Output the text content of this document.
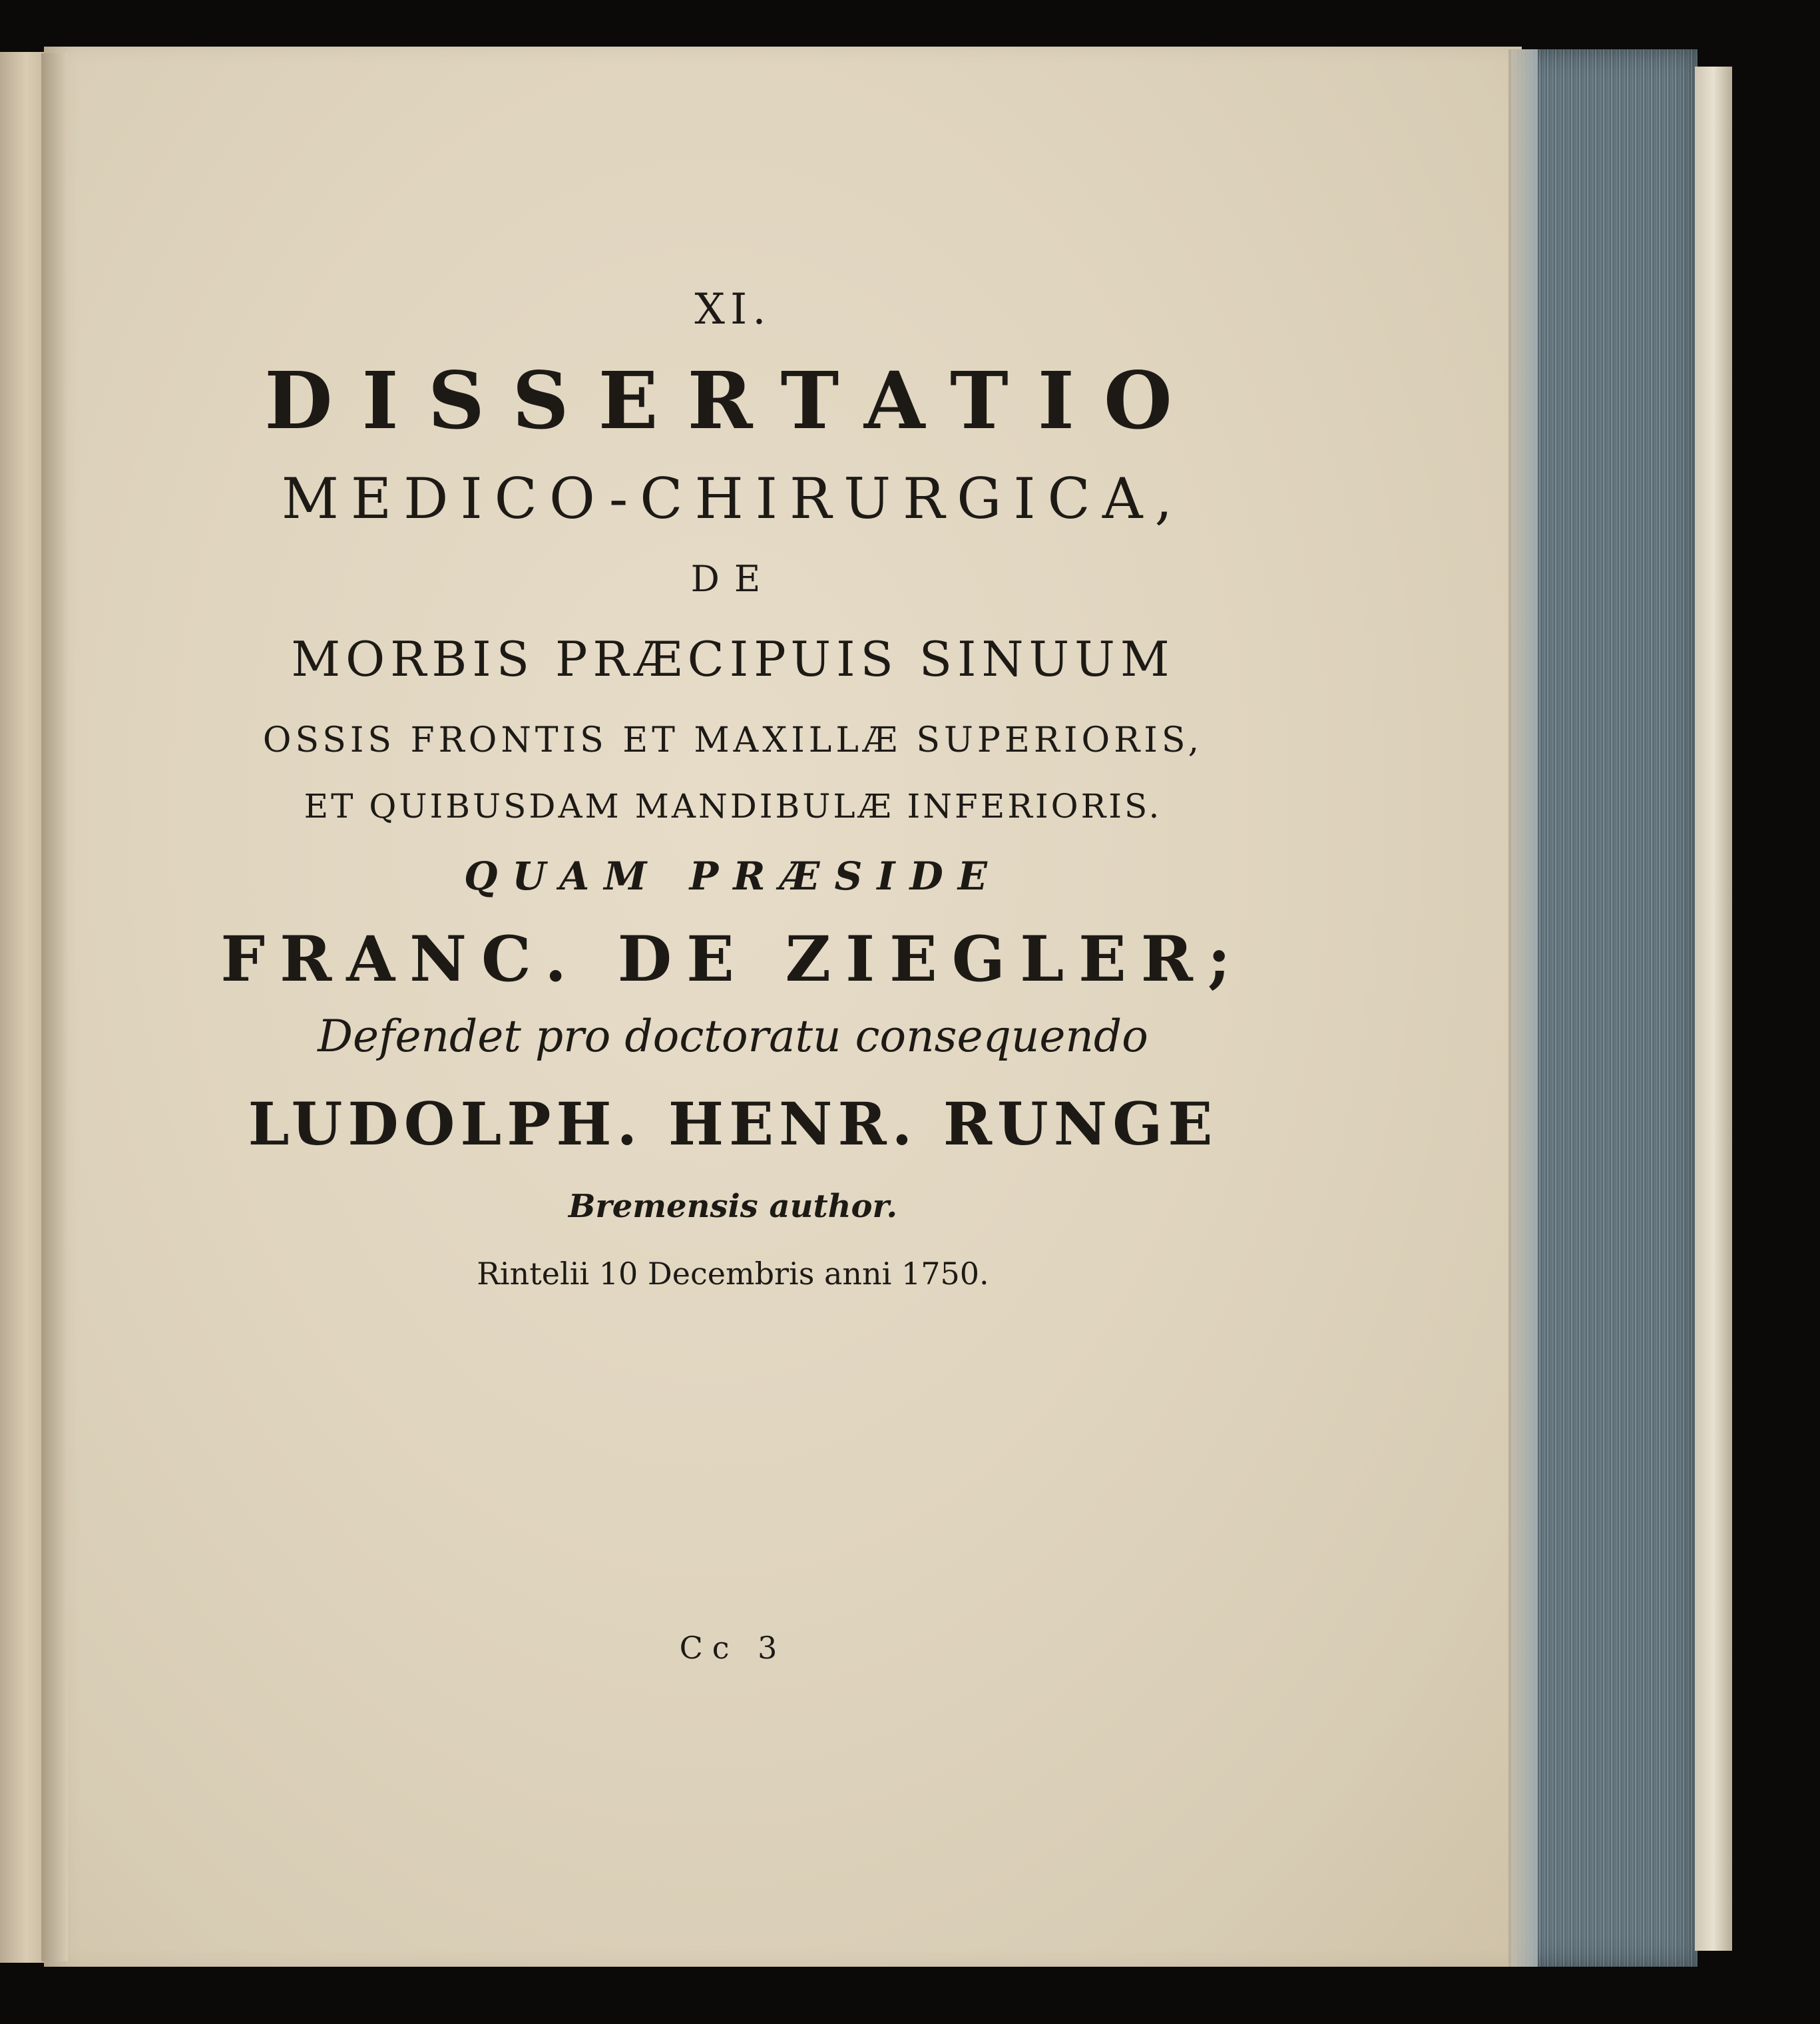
XI.
DISSERTATIO
MEDICO-CHIRURGICA,
DE
MORBIS PRÆCIPUIS SINUUM
OSSIS FRONTIS ET MAXILLÆ SUPERIORIS,
ET QUIBUSDAM MANDIBULÆ INFERIORIS.
QUAM PRÆSIDE
FRANC. DE ZIEGLER;
Defendet pro doctoratu consequendo
LUDOLPH. HENR. RUNGE
Bremensis author.
Rintelii 10 Decembris anni 1750.
Cc 3
